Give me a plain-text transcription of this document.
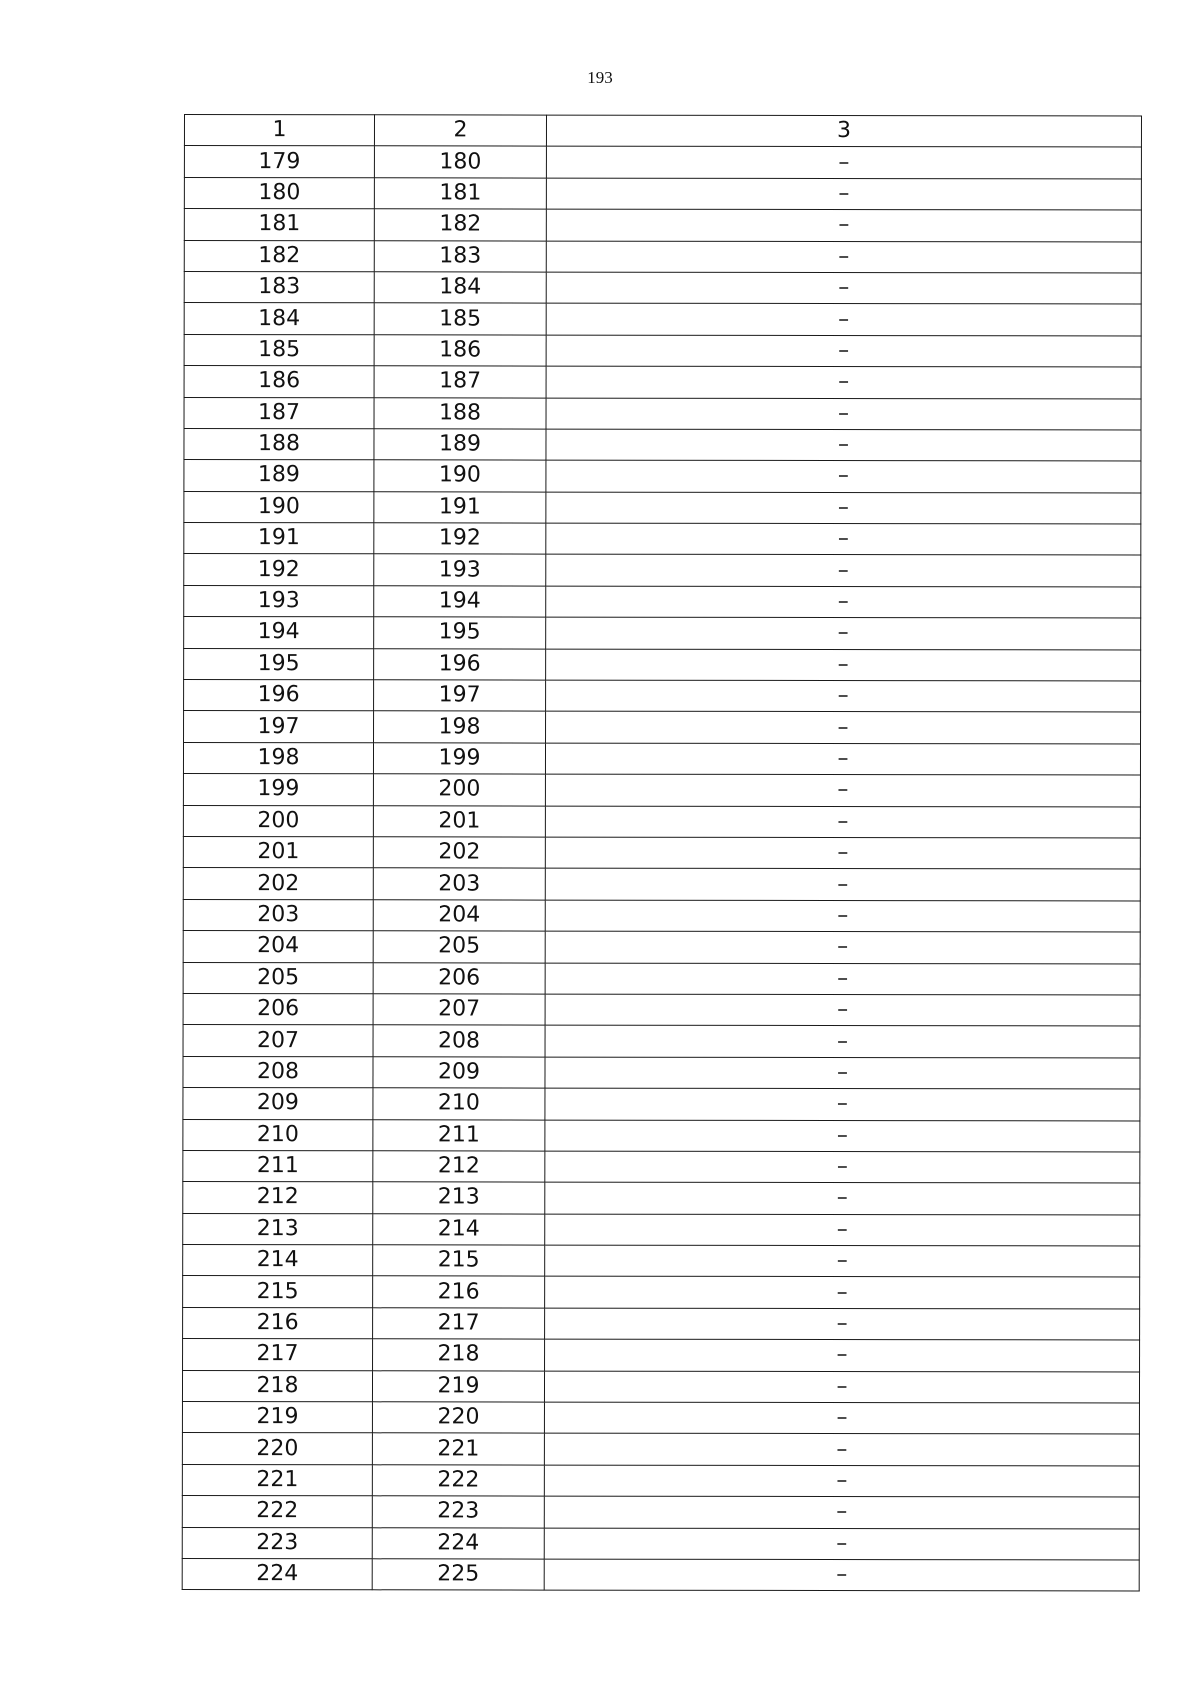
193
1	2	3
179	180	–
180	181	–
181	182	–
182	183	–
183	184	–
184	185	–
185	186	–
186	187	–
187	188	–
188	189	–
189	190	–
190	191	–
191	192	–
192	193	–
193	194	–
194	195	–
195	196	–
196	197	–
197	198	–
198	199	–
199	200	–
200	201	–
201	202	–
202	203	–
203	204	–
204	205	–
205	206	–
206	207	–
207	208	–
208	209	–
209	210	–
210	211	–
211	212	–
212	213	–
213	214	–
214	215	–
215	216	–
216	217	–
217	218	–
218	219	–
219	220	–
220	221	–
221	222	–
222	223	–
223	224	–
224	225	–
